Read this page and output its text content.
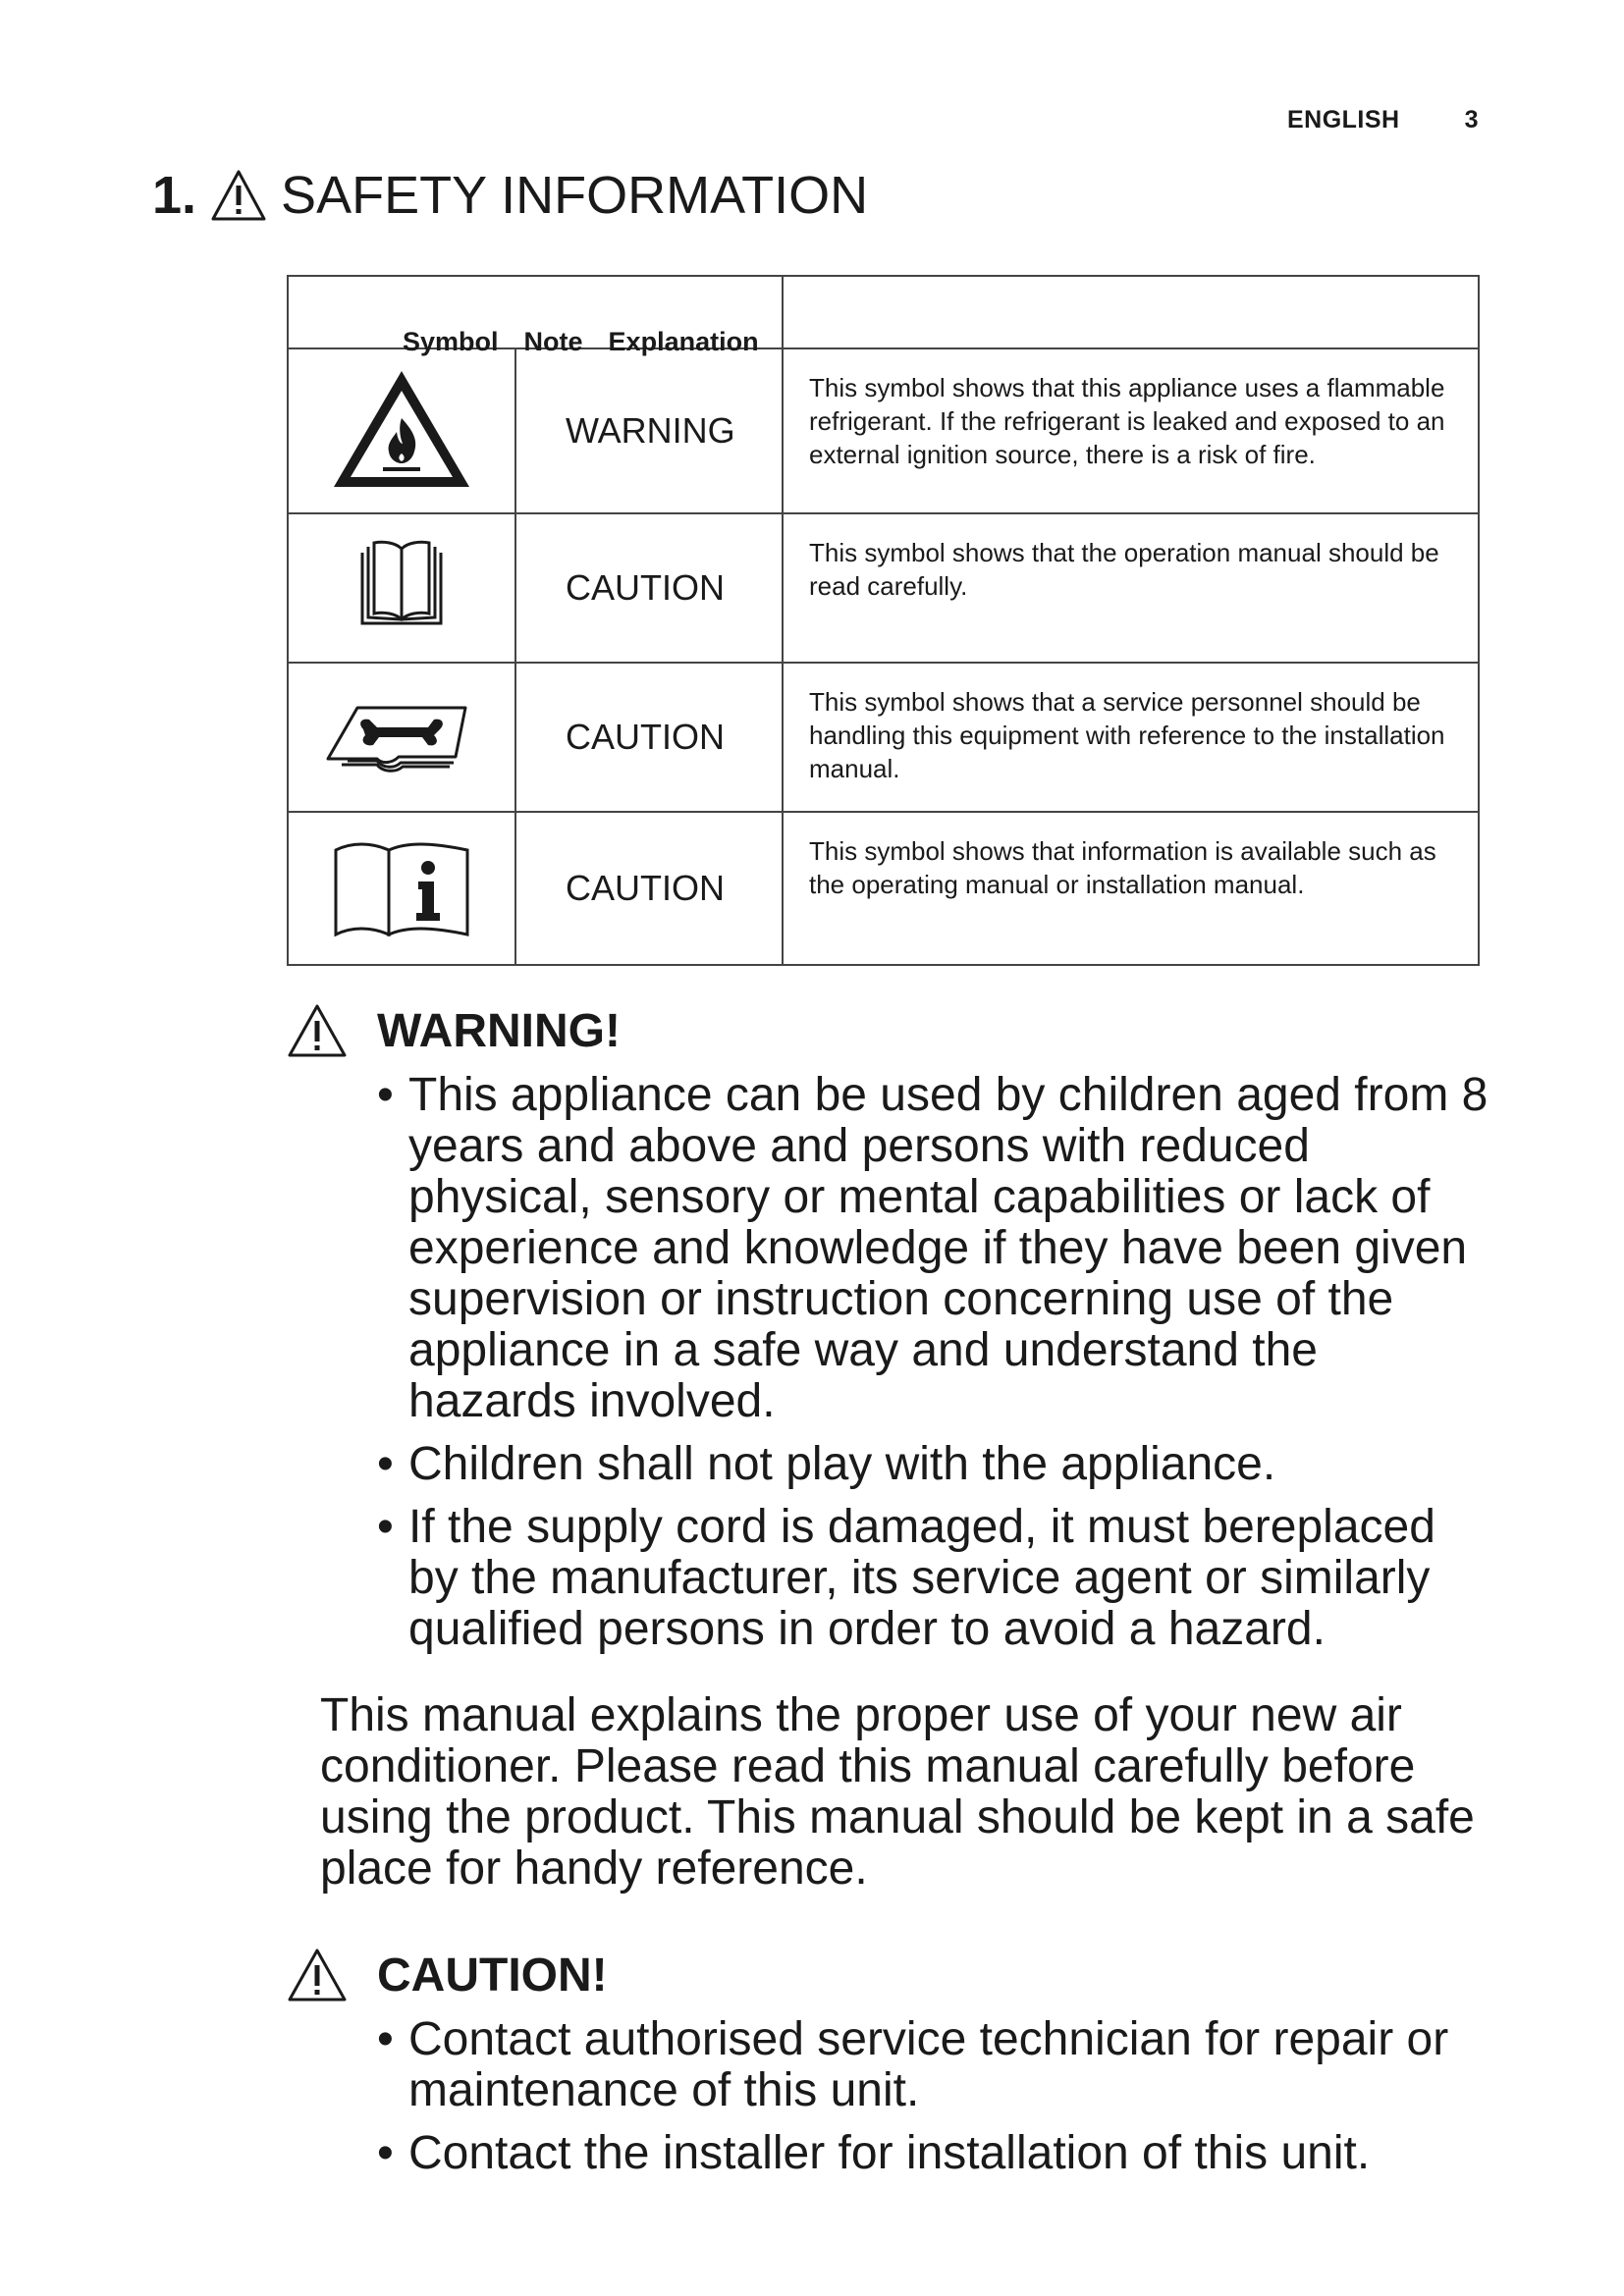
ENGLISH	3
1. SAFETY INFORMATION

Symbol Note Explanation		

	WARNING	This symbol shows that this appliance uses a flammable refrigerant. If the refrigerant is leaked and exposed to an external ignition source, there is a risk of fire.
	CAUTION	This symbol shows that the operation manual should be read carefully.
	CAUTION	This symbol shows that a service personnel should be handling this equipment with reference to the installation manual.
	CAUTION	This symbol shows that information is available such as the operating manual or installation manual.
WARNING!
• This appliance can be used by children aged from 8 years and above and persons with reduced physical, sensory or mental capabilities or lack of experience and knowledge if they have been given supervision or instruction concerning use of the appliance in a safe way and understand the hazards involved.
• Children shall not play with the appliance.
• If the supply cord is damaged, it must bereplaced by the manufacturer, its service agent or similarly qualified persons in order to avoid a hazard.
This manual explains the proper use of your new air conditioner. Please read this manual carefully before using the product. This manual should be kept in a safe place for handy reference.
CAUTION!
• Contact authorised service technician for repair or maintenance of this unit.
• Contact the installer for installation of this unit.
